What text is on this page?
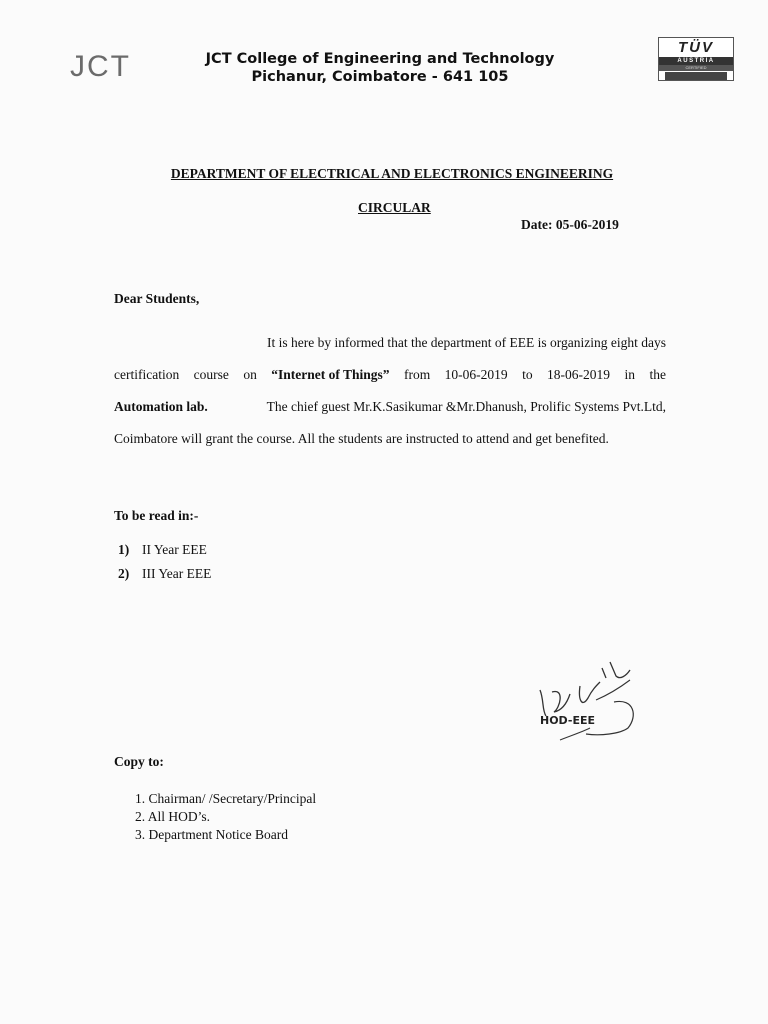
JCT	JCT College of Engineering and Technology
Pichanur, Coimbatore - 641 105
TÜV
AUSTRIA
CERTIFIED
DEPARTMENT OF ELECTRICAL AND ELECTRONICS ENGINEERING
CIRCULAR
Date: 05-06-2019
Dear Students,
It is here by informed that the department of EEE is organizing eight days
certification course on “Internet of Things” from 10-06-2019 to 18-06-2019 in the
Automation lab.	The chief guest Mr.K.Sasikumar &Mr.Dhanush, Prolific Systems Pvt.Ltd,
Coimbatore will grant the course. All the students are instructed to attend and get benefited.
To be read in:-
1) II Year EEE
2) III Year EEE
HOD-EEE
Copy to:
1. Chairman/ /Secretary/Principal
2. All HOD’s.
3. Department Notice Board
